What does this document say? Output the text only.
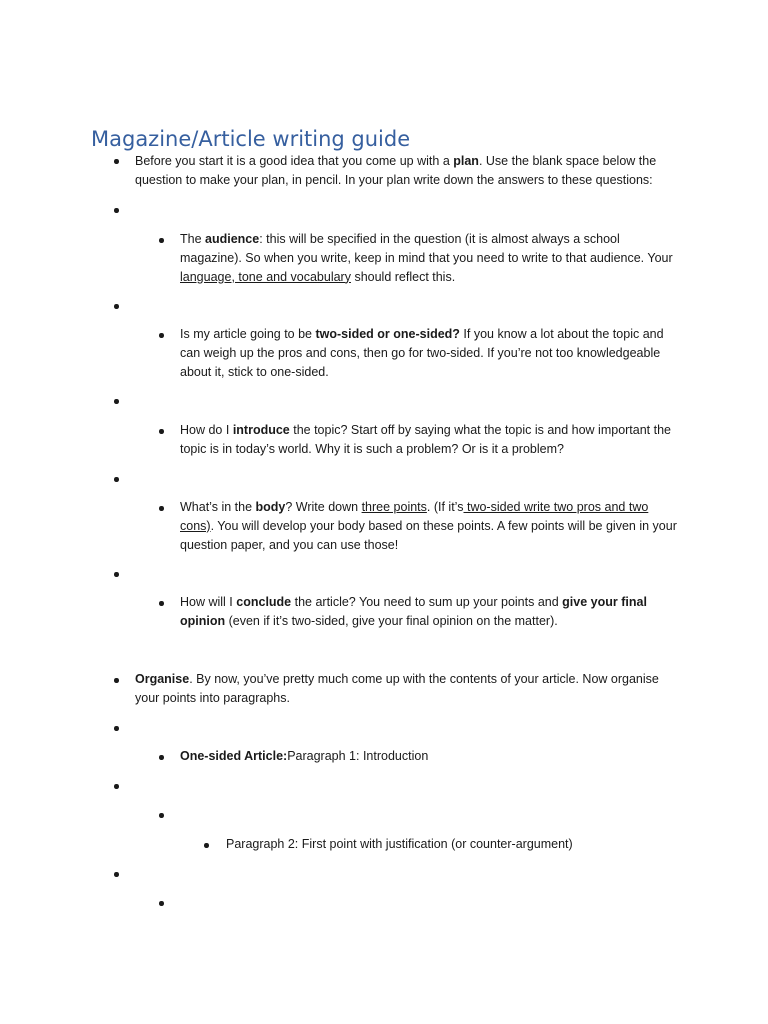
Magazine/Article writing guide
Before you start it is a good idea that you come up with a plan. Use the blank space below the question to make your plan, in pencil. In your plan write down the answers to these questions:
The audience: this will be specified in the question (it is almost always a school magazine). So when you write, keep in mind that you need to write to that audience. Your language, tone and vocabulary should reflect this.
Is my article going to be two-sided or one-sided? If you know a lot about the topic and can weigh up the pros and cons, then go for two-sided. If you’re not too knowledgeable about it, stick to one-sided.
How do I introduce the topic? Start off by saying what the topic is and how important the topic is in today’s world. Why it is such a problem? Or is it a problem?
What’s in the body? Write down three points. (If it’s two-sided write two pros and two cons). You will develop your body based on these points. A few points will be given in your question paper, and you can use those!
How will I conclude the article? You need to sum up your points and give your final opinion (even if it’s two-sided, give your final opinion on the matter).
Organise. By now, you’ve pretty much come up with the contents of your article. Now organise your points into paragraphs.
One-sided Article:Paragraph 1: Introduction
Paragraph 2: First point with justification (or counter-argument)
